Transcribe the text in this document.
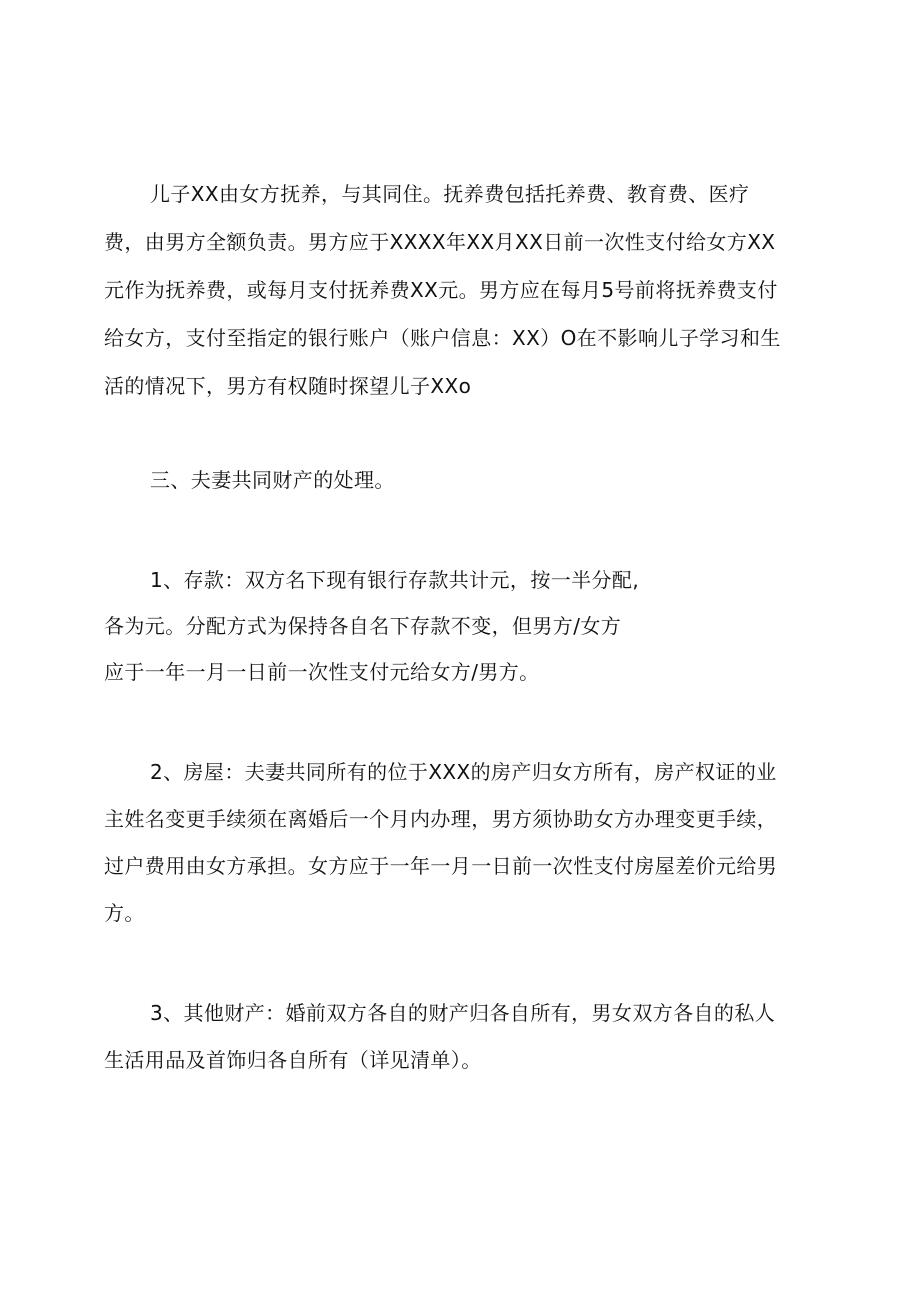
儿子XX由女方抚养，与其同住。抚养费包括托养费、教育费、医疗
费，由男方全额负责。男方应于XXXX年XX月XX日前一次性支付给女方XX
元作为抚养费，或每月支付抚养费XX元。男方应在每月5号前将抚养费支付
给女方，支付至指定的银行账户（账户信息：XX）O在不影响儿子学习和生
活的情况下，男方有权随时探望儿子XXo
三、夫妻共同财产的处理。
1、存款：双方名下现有银行存款共计元，按一半分配,
各为元。分配方式为保持各自名下存款不变，但男方/女方
应于一年一月一日前一次性支付元给女方/男方。
2、房屋：夫妻共同所有的位于XXX的房产归女方所有，房产权证的业
主姓名变更手续须在离婚后一个月内办理，男方须协助女方办理变更手续，
过户费用由女方承担。女方应于一年一月一日前一次性支付房屋差价元给男
方。
3、其他财产：婚前双方各自的财产归各自所有，男女双方各自的私人
生活用品及首饰归各自所有（详见清单）。
